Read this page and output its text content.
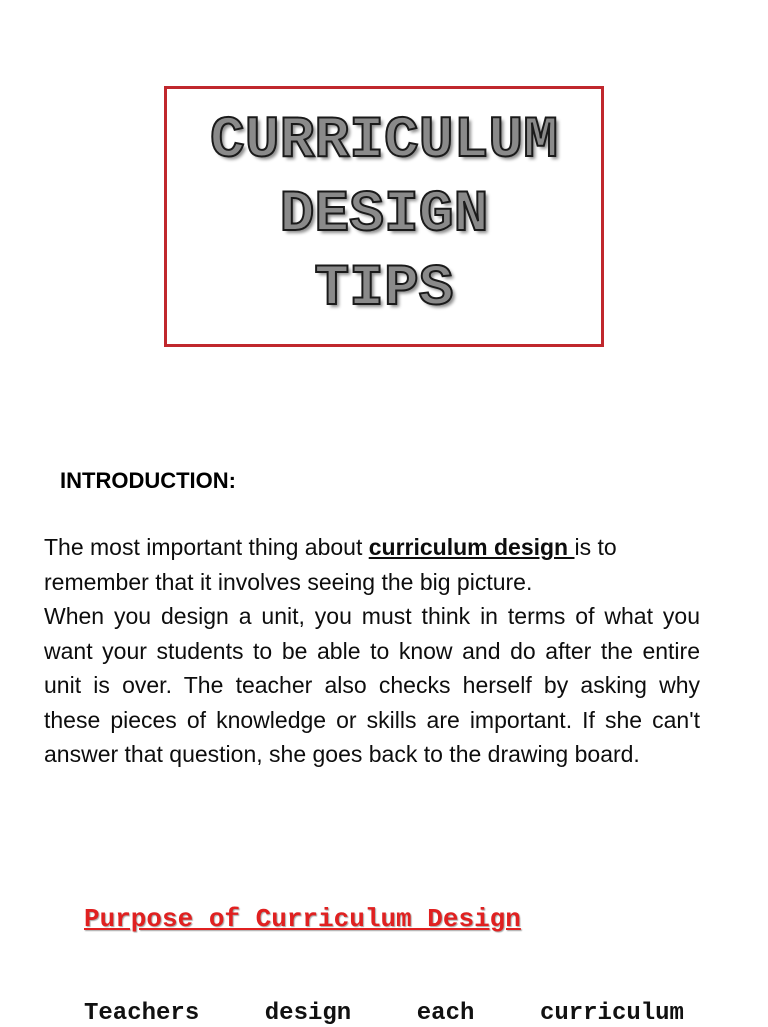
CURRICULUM
DESIGN
TIPS
INTRODUCTION:

The most important thing about curriculum design is to remember that it involves seeing the big picture.

When you design a unit, you must think in terms of what you want your students to be able to know and do after the entire unit is over. The teacher also checks herself by asking why these pieces of knowledge or skills are important. If she can't answer that question, she goes back to the drawing board.

Purpose of Curriculum Design

Teachers	design	each	curriculum
